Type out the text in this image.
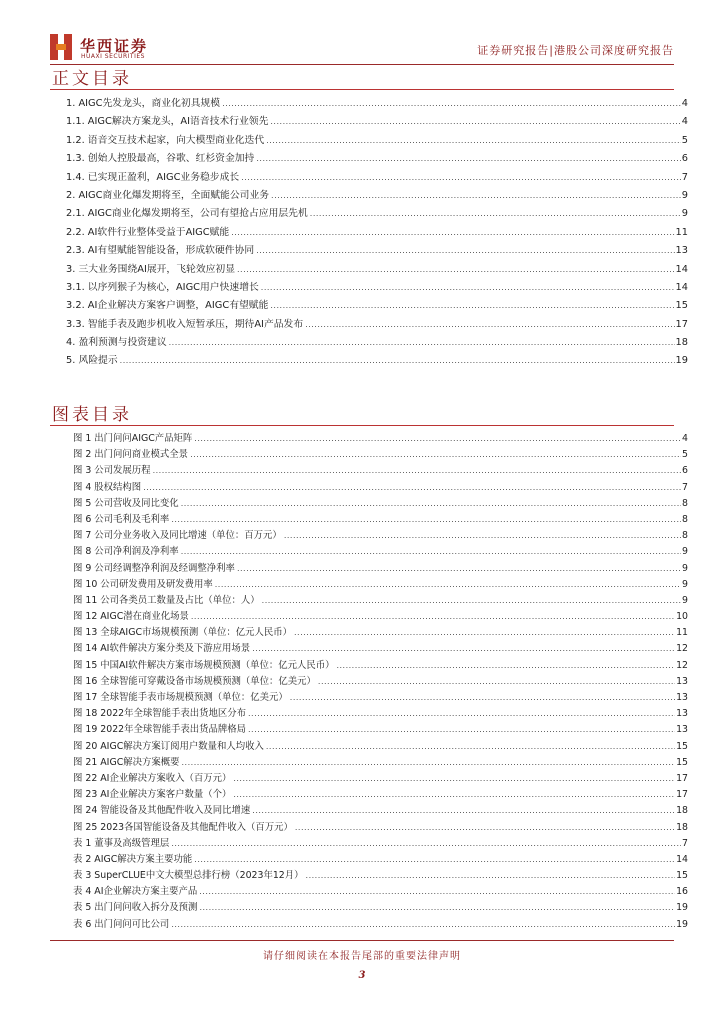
华西证券
HUAXI SECURITIES	证券研究报告|港股公司深度研究报告
正文目录
1. AIGC先发龙头，商业化初具规模 .....	4
1.1. AIGC解决方案龙头，AI语音技术行业领先 .....	4
1.2. 语音交互技术起家，向大模型商业化迭代 .....	5
1.3. 创始人控股最高，谷歌、红杉资金加持 .....	6
1.4. 已实现正盈利，AIGC业务稳步成长 .....	7
2. AIGC商业化爆发期将至，全面赋能公司业务 .....	9
2.1. AIGC商业化爆发期将至，公司有望抢占应用层先机 .....	9
2.2. AI软件行业整体受益于AIGC赋能 .....	11
2.3. AI有望赋能智能设备，形成软硬件协同 .....	13
3. 三大业务围绕AI展开，飞轮效应初显 .....	14
3.1. 以序列猴子为核心，AIGC用户快速增长 .....	14
3.2. AI企业解决方案客户调整，AIGC有望赋能 .....	15
3.3. 智能手表及跑步机收入短暂承压，期待AI产品发布 .....	17
4. 盈利预测与投资建议 .....	18
5. 风险提示 .....	19
图表目录
图 1 出门问问AIGC产品矩阵 .....	4
图 2 出门问问商业模式全景 .....	5
图 3 公司发展历程 .....	6
图 4 股权结构图 .....	7
图 5 公司营收及同比变化 .....	8
图 6 公司毛利及毛利率 .....	8
图 7 公司分业务收入及同比增速（单位：百万元） .....	8
图 8 公司净利润及净利率 .....	9
图 9 公司经调整净利润及经调整净利率 .....	9
图 10 公司研发费用及研发费用率 .....	9
图 11 公司各类员工数量及占比（单位：人） .....	9
图 12 AIGC潜在商业化场景 .....	10
图 13 全球AIGC市场规模预测（单位：亿元人民币） .....	11
图 14 AI软件解决方案分类及下游应用场景 .....	12
图 15 中国AI软件解决方案市场规模预测（单位：亿元人民币） .....	12
图 16 全球智能可穿戴设备市场规模预测（单位：亿美元） .....	13
图 17 全球智能手表市场规模预测（单位：亿美元） .....	13
图 18 2022年全球智能手表出货地区分布 .....	13
图 19 2022年全球智能手表出货品牌格局 .....	13
图 20 AIGC解决方案订阅用户数量和人均收入 .....	15
图 21 AIGC解决方案概要 .....	15
图 22 AI企业解决方案收入（百万元） .....	17
图 23 AI企业解决方案客户数量（个） .....	17
图 24 智能设备及其他配件收入及同比增速 .....	18
图 25 2023各国智能设备及其他配件收入（百万元） .....	18
表 1 董事及高级管理层 .....	7
表 2 AIGC解决方案主要功能 .....	14
表 3 SuperCLUE中文大模型总排行榜（2023年12月） .....	15
表 4 AI企业解决方案主要产品 .....	16
表 5 出门问问收入拆分及预测 .....	19
表 6 出门问问可比公司 .....	19
请仔细阅读在本报告尾部的重要法律声明
3
